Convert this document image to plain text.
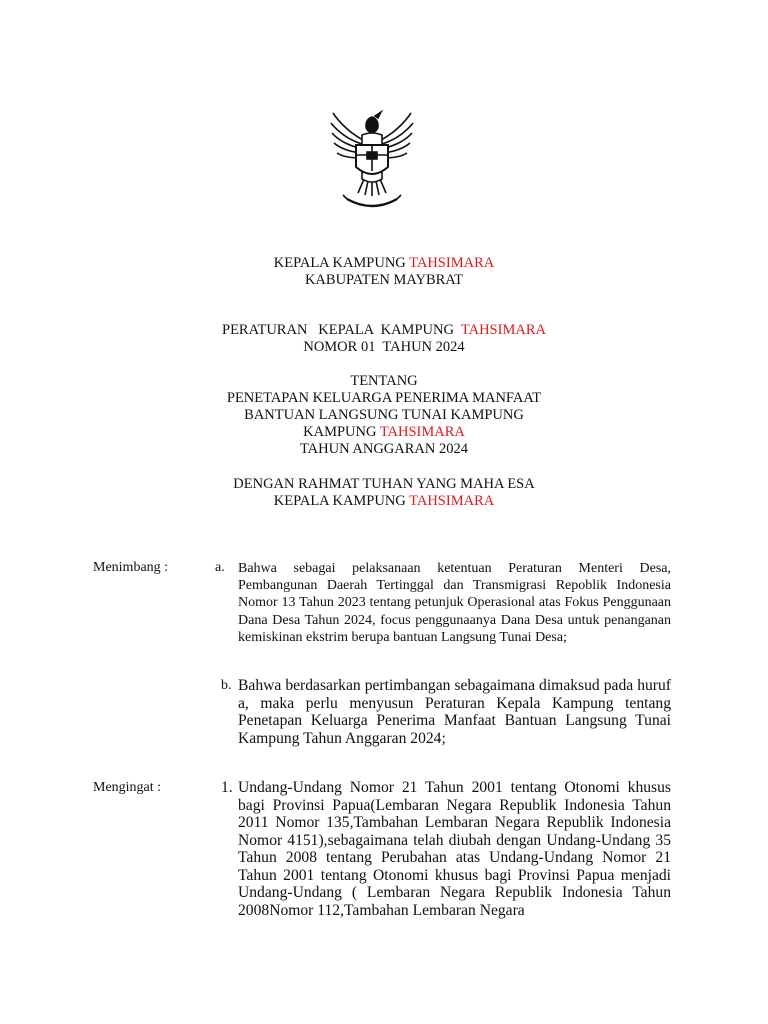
KEPALA KAMPUNG TAHSIMARA
KABUPATEN MAYBRAT
PERATURAN   KEPALA  KAMPUNG TAHSIMARA
NOMOR 01  TAHUN 2024
TENTANG
PENETAPAN KELUARGA PENERIMA MANFAAT
BANTUAN LANGSUNG TUNAI KAMPUNG
KAMPUNG TAHSIMARA
TAHUN ANGGARAN 2024
DENGAN RAHMAT TUHAN YANG MAHA ESA
KEPALA KAMPUNG TAHSIMARA
Menimbang :	a. Bahwa sebagai pelaksanaan ketentuan Peraturan Menteri Desa, Pembangunan Daerah Tertinggal dan Transmigrasi Repoblik Indonesia Nomor 13 Tahun 2023 tentang petunjuk Operasional atas Fokus Penggunaan Dana Desa Tahun 2024, focus penggunaanya Dana Desa untuk penanganan kemiskinan ekstrim berupa bantuan Langsung Tunai Desa;
b. Bahwa berdasarkan pertimbangan sebagaimana dimaksud pada huruf a, maka perlu menyusun Peraturan Kepala Kampung tentang Penetapan Keluarga Penerima Manfaat Bantuan Langsung Tunai Kampung Tahun Anggaran 2024;
Mengingat :	1. Undang-Undang Nomor 21 Tahun 2001 tentang Otonomi khusus bagi Provinsi Papua(Lembaran Negara Republik Indonesia Tahun 2011 Nomor 135,Tambahan Lembaran Negara Republik Indonesia Nomor 4151),sebagaimana telah diubah dengan Undang-Undang 35 Tahun 2008 tentang Perubahan atas Undang-Undang Nomor 21 Tahun 2001 tentang Otonomi khusus bagi Provinsi Papua menjadi Undang-Undang ( Lembaran Negara Republik Indonesia Tahun 2008Nomor 112,Tambahan Lembaran Negara
